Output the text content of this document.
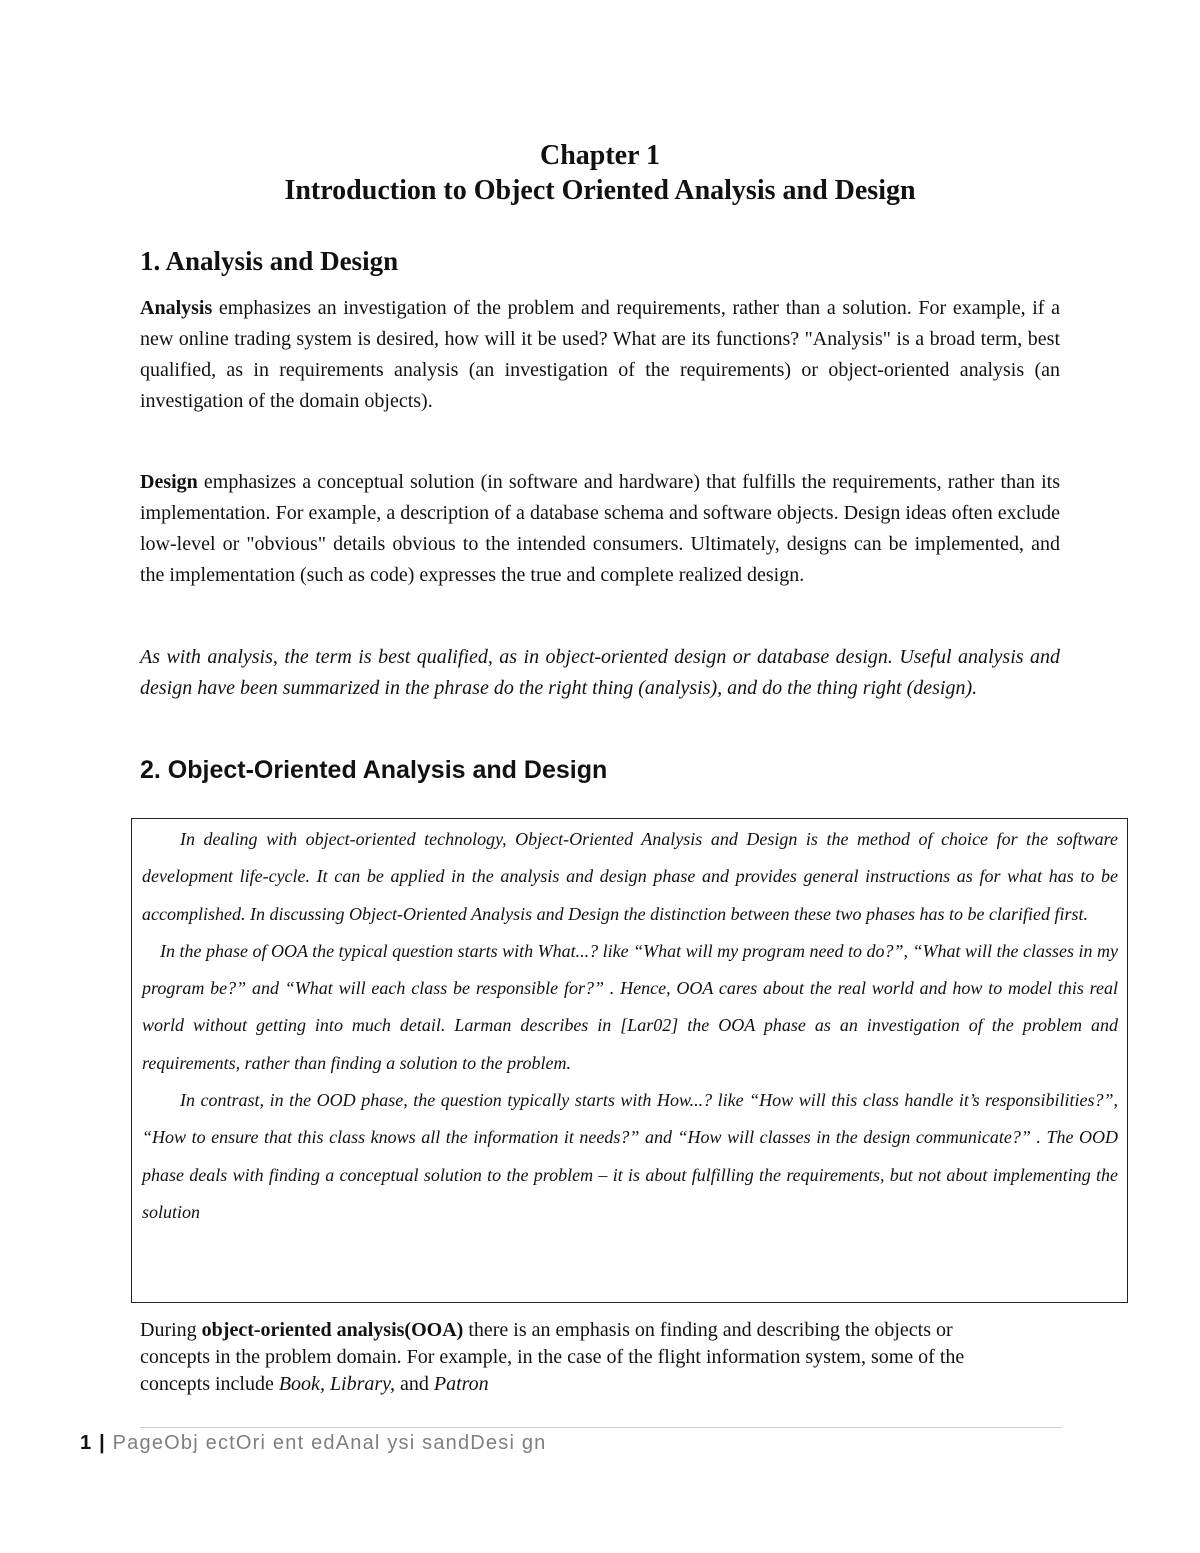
Chapter 1
Introduction to Object Oriented Analysis and Design
1. Analysis and Design
Analysis emphasizes an investigation of the problem and requirements, rather than a solution. For example, if a new online trading system is desired, how will it be used? What are its functions? "Analysis" is a broad term, best qualified, as in requirements analysis (an investigation of the requirements) or object-oriented analysis (an investigation of the domain objects).
Design emphasizes a conceptual solution (in software and hardware) that fulfills the requirements, rather than its implementation. For example, a description of a database schema and software objects. Design ideas often exclude low-level or "obvious" details obvious to the intended consumers. Ultimately, designs can be implemented, and the implementation (such as code) expresses the true and complete realized design.
As with analysis, the term is best qualified, as in object-oriented design or database design. Useful analysis and design have been summarized in the phrase do the right thing (analysis), and do the thing right (design).
2. Object-Oriented Analysis and Design

In dealing with object-oriented technology, Object-Oriented Analysis and Design is the method of choice for the software development life-cycle. It can be applied in the analysis and design phase and provides general instructions as for what has to be accomplished. In discussing Object-Oriented Analysis and Design the distinction between these two phases has to be clarified first.

In the phase of OOA the typical question starts with What...? like “What will my program need to do?”, “What will the classes in my program be?” and “What will each class be responsible for?” . Hence, OOA cares about the real world and how to model this real world without getting into much detail. Larman describes in [Lar02] the OOA phase as an investigation of the problem and requirements, rather than finding a solution to the problem.

In contrast, in the OOD phase, the question typically starts with How...? like “How will this class handle it’s responsibilities?”, “How to ensure that this class knows all the information it needs?” and “How will classes in the design communicate?” . The OOD phase deals with finding a conceptual solution to the problem – it is about fulfilling the requirements, but not about implementing the solution

During object-oriented analysis(OOA) there is an emphasis on finding and describing the objects or concepts in the problem domain. For example, in the case of the flight information system, some of the concepts include Book, Library, and Patron
1 | PageObj ectOri ent edAnal ysi sandDesi gn
